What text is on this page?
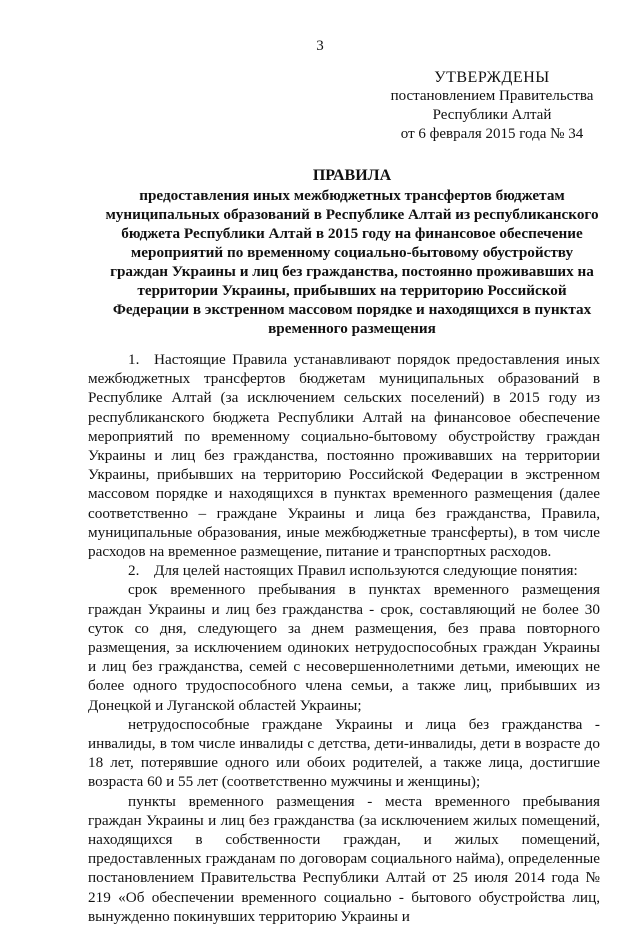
3
УТВЕРЖДЕНЫ
постановлением Правительства
Республики Алтай
от 6 февраля 2015 года № 34
ПРАВИЛА
предоставления иных межбюджетных трансфертов бюджетам муниципальных образований в Республике Алтай из республиканского бюджета Республики Алтай в 2015 году на финансовое обеспечение мероприятий по временному социально-бытовому обустройству граждан Украины и лиц без гражданства, постоянно проживавших на территории Украины, прибывших на территорию Российской Федерации в экстренном массовом порядке и находящихся в пунктах временного размещения

1. Настоящие Правила устанавливают порядок предоставления иных межбюджетных трансфертов бюджетам муниципальных образований в Республике Алтай (за исключением сельских поселений) в 2015 году из республиканского бюджета Республики Алтай на финансовое обеспечение мероприятий по временному социально-бытовому обустройству граждан Украины и лиц без гражданства, постоянно проживавших на территории Украины, прибывших на территорию Российской Федерации в экстренном массовом порядке и находящихся в пунктах временного размещения (далее соответственно – граждане Украины и лица без гражданства, Правила, муниципальные образования, иные межбюджетные трансферты), в том числе расходов на временное размещение, питание и транспортных расходов.

2. Для целей настоящих Правил используются следующие понятия:

срок временного пребывания в пунктах временного размещения граждан Украины и лиц без гражданства - срок, составляющий не более 30 суток со дня, следующего за днем размещения, без права повторного размещения, за исключением одиноких нетрудоспособных граждан Украины и лиц без гражданства, семей с несовершеннолетними детьми, имеющих не более одного трудоспособного члена семьи, а также лиц, прибывших из Донецкой и Луганской областей Украины;

нетрудоспособные граждане Украины и лица без гражданства - инвалиды, в том числе инвалиды с детства, дети-инвалиды, дети в возрасте до 18 лет, потерявшие одного или обоих родителей, а также лица, достигшие возраста 60 и 55 лет (соответственно мужчины и женщины);

пункты временного размещения - места временного пребывания граждан Украины и лиц без гражданства (за исключением жилых помещений, находящихся в собственности граждан, и жилых помещений, предоставленных гражданам по договорам социального найма), определенные постановлением Правительства Республики Алтай от 25 июля 2014 года № 219 «Об обеспечении временного социально - бытового обустройства лиц, вынужденно покинувших территорию Украины и
